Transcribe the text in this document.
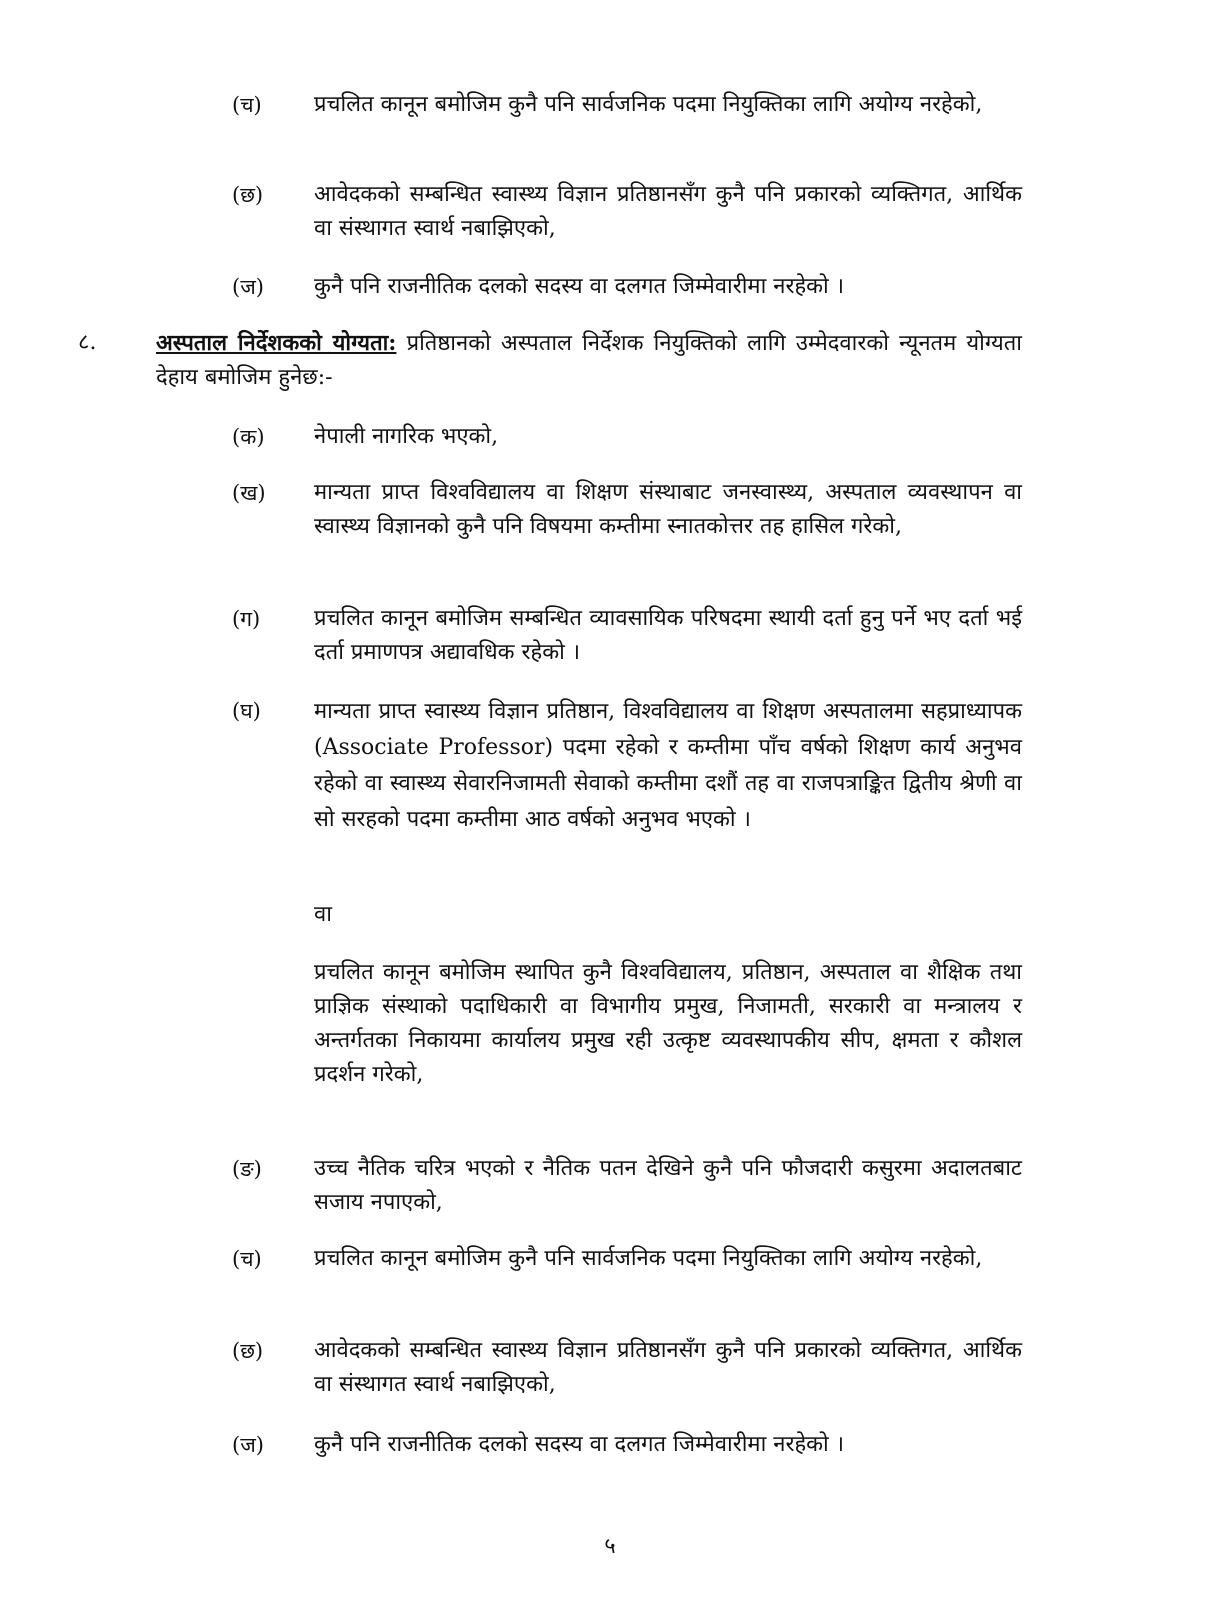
(च)	प्रचलित कानून बमोजिम कुनै पनि सार्वजनिक पदमा नियुक्तिका लागि अयोग्य नरहेको,
(छ)	आवेदकको सम्बन्धित स्वास्थ्य विज्ञान प्रतिष्ठानसँग कुनै पनि प्रकारको व्यक्तिगत, आर्थिक वा संस्थागत स्वार्थ नबाझिएको,
(ज)	कुनै पनि राजनीतिक दलको सदस्य वा दलगत जिम्मेवारीमा नरहेको ।
८.	अस्पताल निर्देशकको योग्यता: प्रतिष्ठानको अस्पताल निर्देशक नियुक्तिको लागि उम्मेदवारको न्यूनतम योग्यता देहाय बमोजिम हुनेछ:-
(क)	नेपाली नागरिक भएको,
(ख)	मान्यता प्राप्त विश्वविद्यालय वा शिक्षण संस्थाबाट जनस्वास्थ्य, अस्पताल व्यवस्थापन वा स्वास्थ्य विज्ञानको कुनै पनि विषयमा कम्तीमा स्नातकोत्तर तह हासिल गरेको,
(ग)	प्रचलित कानून बमोजिम सम्बन्धित व्यावसायिक परिषदमा स्थायी दर्ता हुनु पर्ने भए दर्ता भई दर्ता प्रमाणपत्र अद्यावधिक रहेको ।
(घ)	मान्यता प्राप्त स्वास्थ्य विज्ञान प्रतिष्ठान, विश्वविद्यालय वा शिक्षण अस्पतालमा सहप्राध्यापक (Associate Professor) पदमा रहेको र कम्तीमा पाँच वर्षको शिक्षण कार्य अनुभव रहेको वा स्वास्थ्य सेवारनिजामती सेवाको कम्तीमा दशौं तह वा राजपत्राङ्कित द्वितीय श्रेणी वा सो सरहको पदमा कम्तीमा आठ वर्षको अनुभव भएको ।
वा
प्रचलित कानून बमोजिम स्थापित कुनै विश्वविद्यालय, प्रतिष्ठान, अस्पताल वा शैक्षिक तथा प्राज्ञिक संस्थाको पदाधिकारी वा विभागीय प्रमुख, निजामती, सरकारी वा मन्त्रालय र अन्तर्गतका निकायमा कार्यालय प्रमुख रही उत्कृष्ट व्यवस्थापकीय सीप, क्षमता र कौशल प्रदर्शन गरेको,
(ङ)	उच्च नैतिक चरित्र भएको र नैतिक पतन देखिने कुनै पनि फौजदारी कसुरमा अदालतबाट सजाय नपाएको,
(च)	प्रचलित कानून बमोजिम कुनै पनि सार्वजनिक पदमा नियुक्तिका लागि अयोग्य नरहेको,
(छ)	आवेदकको सम्बन्धित स्वास्थ्य विज्ञान प्रतिष्ठानसँग कुनै पनि प्रकारको व्यक्तिगत, आर्थिक वा संस्थागत स्वार्थ नबाझिएको,
(ज)	कुनै पनि राजनीतिक दलको सदस्य वा दलगत जिम्मेवारीमा नरहेको ।
५
